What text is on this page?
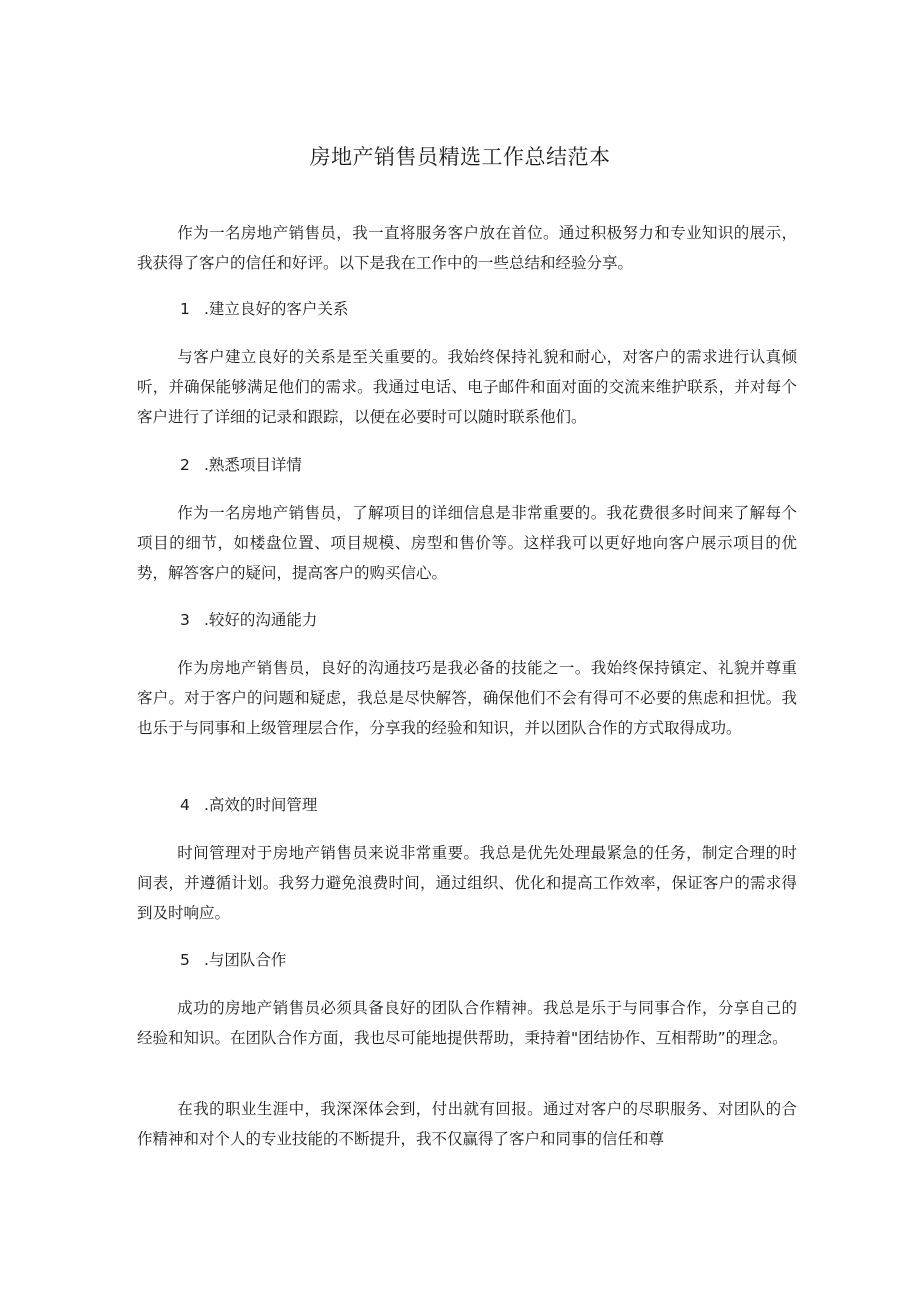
房地产销售员精选工作总结范本

作为一名房地产销售员，我一直将服务客户放在首位。通过积极努力和专业知识的展示，我获得了客户的信任和好评。以下是我在工作中的一些总结和经验分享。

1 .建立良好的客户关系

与客户建立良好的关系是至关重要的。我始终保持礼貌和耐心，对客户的需求进行认真倾听，并确保能够满足他们的需求。我通过电话、电子邮件和面对面的交流来维护联系，并对每个客户进行了详细的记录和跟踪，以便在必要时可以随时联系他们。

2 .熟悉项目详情

作为一名房地产销售员，了解项目的详细信息是非常重要的。我花费很多时间来了解每个项目的细节，如楼盘位置、项目规模、房型和售价等。这样我可以更好地向客户展示项目的优势，解答客户的疑问，提高客户的购买信心。

3 .较好的沟通能力

作为房地产销售员，良好的沟通技巧是我必备的技能之一。我始终保持镇定、礼貌并尊重客户。对于客户的问题和疑虑，我总是尽快解答，确保他们不会有得可不必要的焦虑和担忧。我也乐于与同事和上级管理层合作，分享我的经验和知识，并以团队合作的方式取得成功。

4 .高效的时间管理

时间管理对于房地产销售员来说非常重要。我总是优先处理最紧急的任务，制定合理的时间表，并遵循计划。我努力避免浪费时间，通过组织、优化和提高工作效率，保证客户的需求得到及时响应。

5 .与团队合作

成功的房地产销售员必须具备良好的团队合作精神。我总是乐于与同事合作，分享自己的经验和知识。在团队合作方面，我也尽可能地提供帮助，秉持着"团结协作、互相帮助”的理念。

在我的职业生涯中，我深深体会到，付出就有回报。通过对客户的尽职服务、对团队的合作精神和对个人的专业技能的不断提升，我不仅赢得了客户和同事的信任和尊
